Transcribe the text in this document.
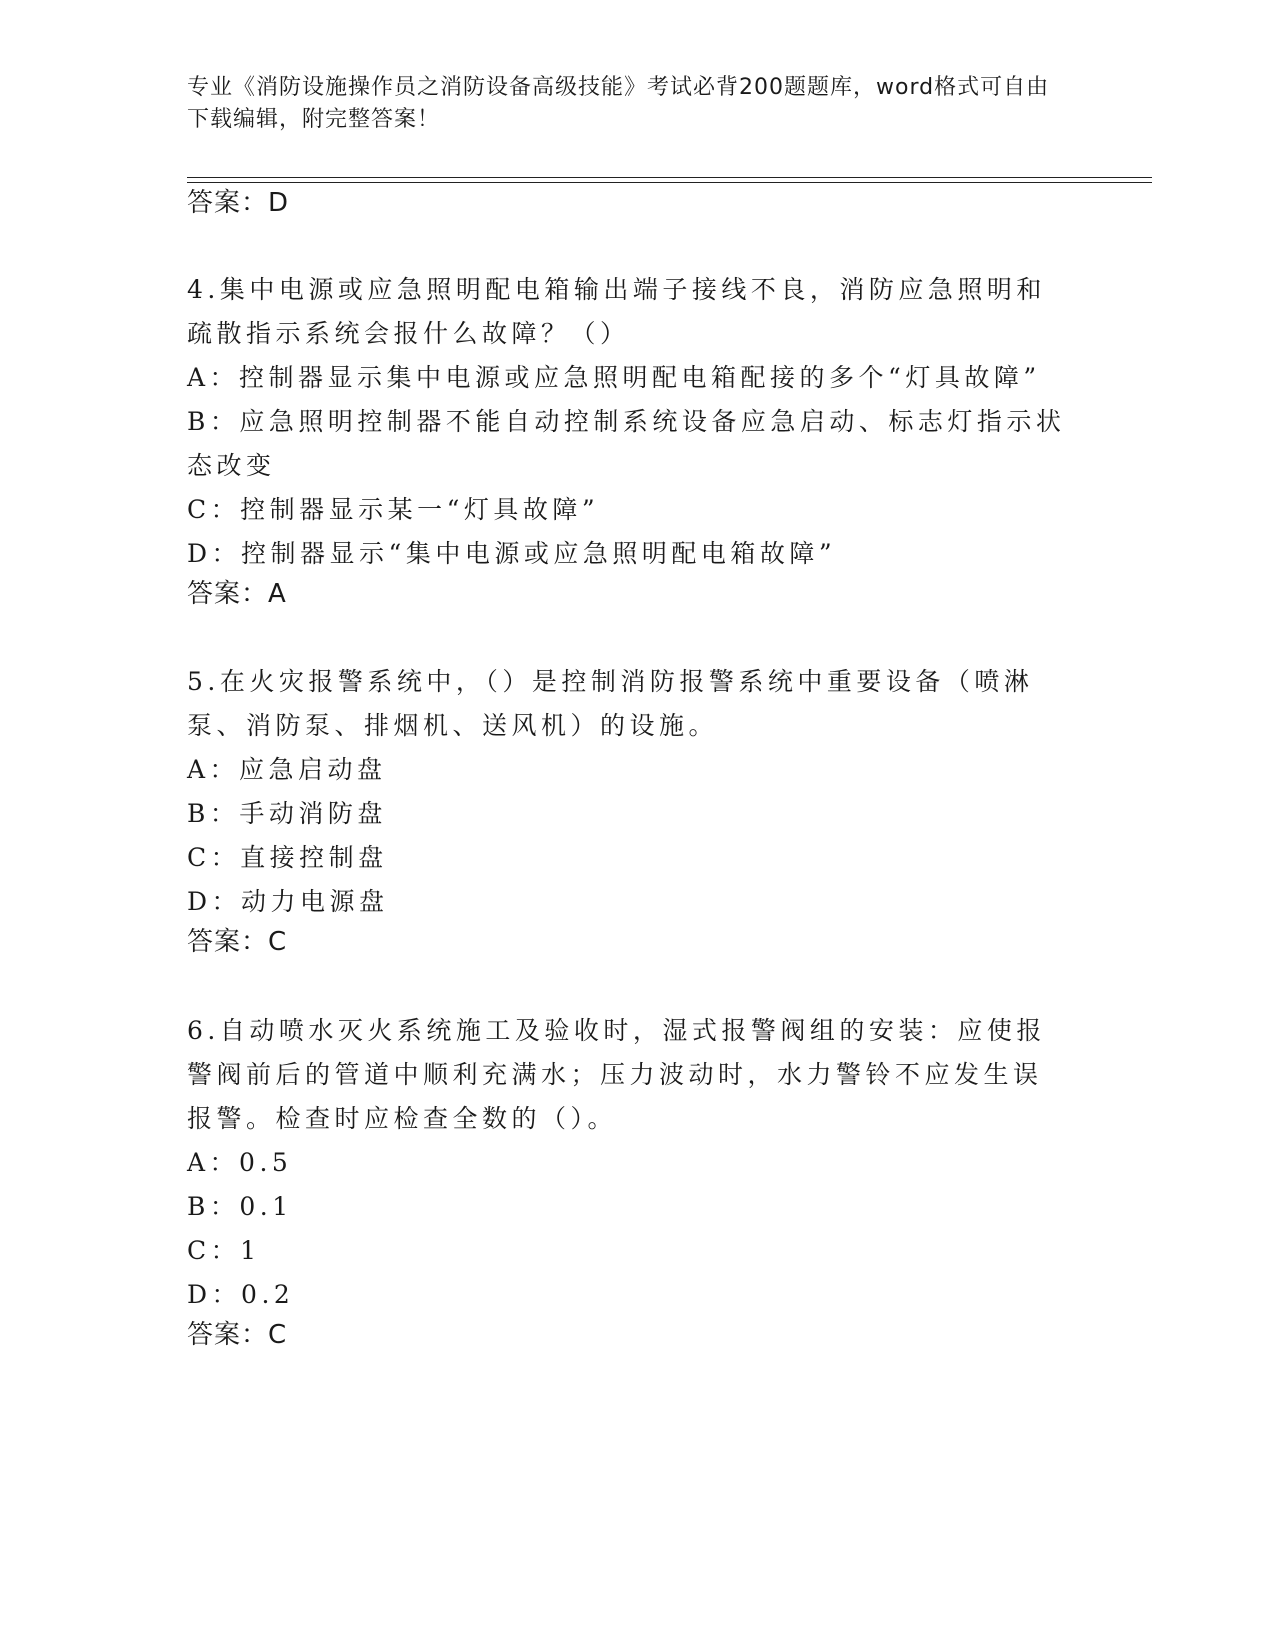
专业《消防设施操作员之消防设备高级技能》考试必背200题题库，word格式可自由下载编辑，附完整答案！
答案：D
4.集中电源或应急照明配电箱输出端子接线不良，消防应急照明和疏散指示系统会报什么故障？（）
A：控制器显示集中电源或应急照明配电箱配接的多个“灯具故障”
B：应急照明控制器不能自动控制系统设备应急启动、标志灯指示状态改变
C：控制器显示某一“灯具故障”
D：控制器显示“集中电源或应急照明配电箱故障”
答案：A
5.在火灾报警系统中，（）是控制消防报警系统中重要设备（喷淋泵、消防泵、排烟机、送风机）的设施。
A：应急启动盘
B：手动消防盘
C：直接控制盘
D：动力电源盘
答案：C
6.自动喷水灭火系统施工及验收时，湿式报警阀组的安装：应使报警阀前后的管道中顺利充满水；压力波动时，水力警铃不应发生误报警。检查时应检查全数的（）。
A：0.5
B：0.1
C：1
D：0.2
答案：C
